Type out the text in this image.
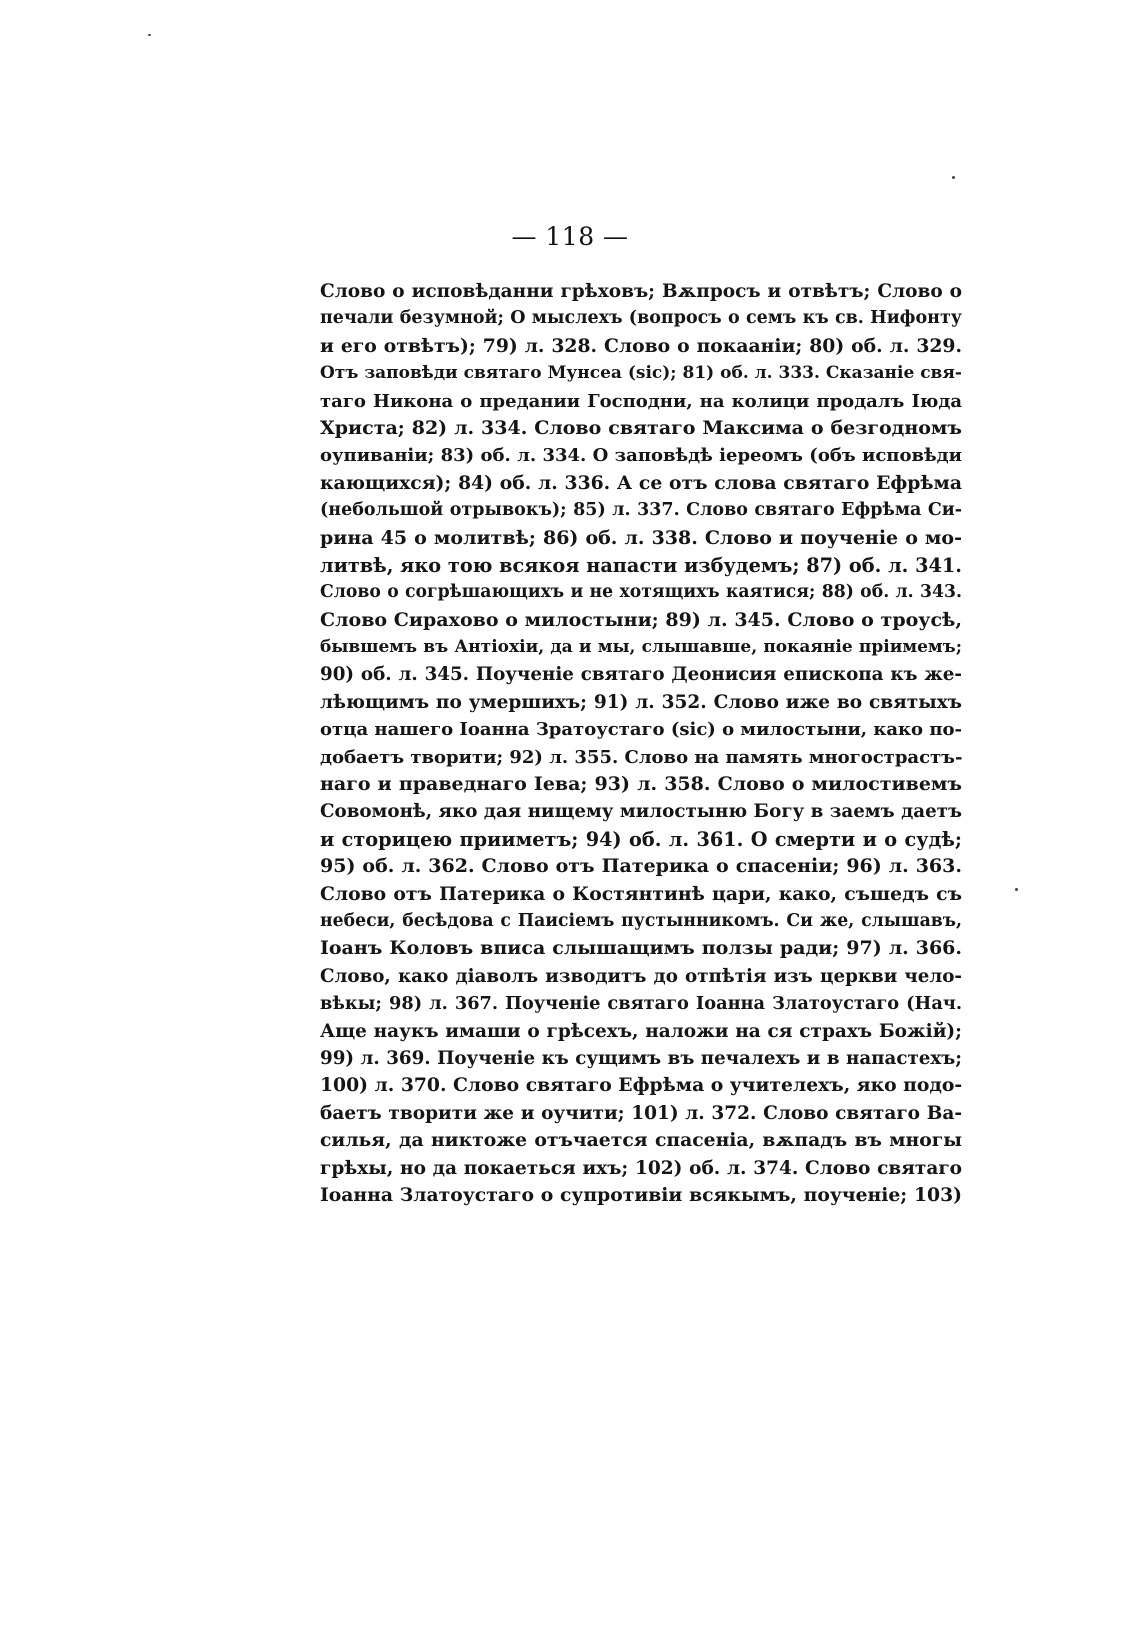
— 118 —
Слово о исповѣданни грѣховъ; Вѫпросъ и отвѣтъ; Слово о
печали безумной; О мыслехъ (вопросъ о семъ къ св. Нифонту
и его отвѣтъ); 79) л. 328. Слово о покааніи; 80) об. л. 329.
Отъ заповѣди святаго Мунсеа (sic); 81) об. л. 333. Сказаніе свя-
таго Никона о предании Господни, на колици продалъ Іюда
Христа; 82) л. 334. Слово святаго Максима о безгодномъ
оупиваніи; 83) об. л. 334. О заповѣдѣ іереомъ (объ исповѣди
кающихся); 84) об. л. 336. А се отъ слова святаго Ефрѣма
(небольшой отрывокъ); 85) л. 337. Слово святаго Ефрѣма Си-
рина 45 о молитвѣ; 86) об. л. 338. Слово и поученіе о мо-
литвѣ, яко тою всякоя напасти избудемъ; 87) об. л. 341.
Слово о согрѣшающихъ и не хотящихъ каятися; 88) об. л. 343.
Слово Сирахово о милостыни; 89) л. 345. Слово о троусѣ,
бывшемъ въ Антіохіи, да и мы, слышавше, покаяніе пріимемъ;
90) об. л. 345. Поученіе святаго Деонисия епископа къ же-
лѣющимъ по умершихъ; 91) л. 352. Слово иже во святыхъ
отца нашего Іоанна Зратоустаго (sic) о милостыни, како по-
добаетъ творити; 92) л. 355. Слово на память многострастъ-
наго и праведнаго Іева; 93) л. 358. Слово о милостивемъ
Совомонѣ, яко дая нищему милостыню Богу в заемъ даетъ
и сторицею прииметъ; 94) об. л. 361. О смерти и о судѣ;
95) об. л. 362. Слово отъ Патерика о спасеніи; 96) л. 363.
Слово отъ Патерика о Костянтинѣ цари, како, съшедъ съ
небеси, бесѣдова с Паисіемъ пустынникомъ. Си же, слышавъ,
Іоанъ Коловъ вписа слышащимъ ползы ради; 97) л. 366.
Слово, како діаволъ изводитъ до отпѣтія изъ церкви чело-
вѣкы; 98) л. 367. Поученіе святаго Іоанна Златоустаго (Нач.
Аще наукъ имаши о грѣсехъ, наложи на ся страхъ Божій);
99) л. 369. Поученіе къ сущимъ въ печалехъ и в напастехъ;
100) л. 370. Слово святаго Ефрѣма о учителехъ, яко подо-
баетъ творити же и оучити; 101) л. 372. Слово святаго Ва-
силья, да никтоже отъчается спасеніа, вѫпадъ въ многы
грѣхы, но да покаеться ихъ; 102) об. л. 374. Слово святаго
Іоанна Златоустаго о супротивіи всякымъ, поученіе; 103)
